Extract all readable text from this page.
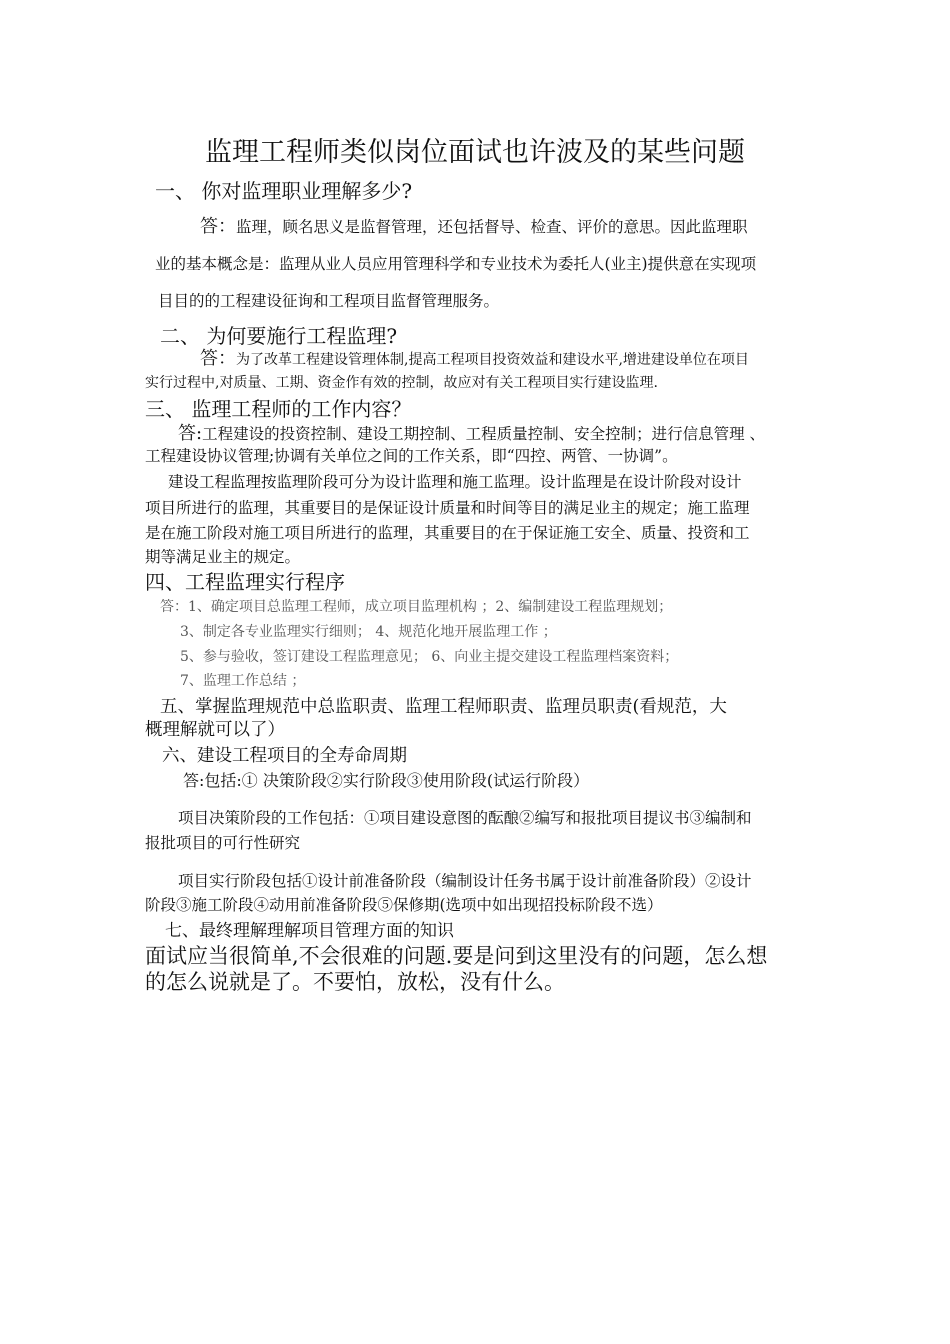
监理工程师类似岗位面试也许波及的某些问题

一、 你对监理职业理解多少?

答：监理，顾名思义是监督管理，还包括督导、检查、评价的意思。因此监理职

业的基本概念是：监理从业人员应用管理科学和专业技术为委托人(业主)提供意在实现项

目目的的工程建设征询和工程项目监督管理服务。

二、 为何要施行工程监理?

答：为了改革工程建设管理体制,提高工程项目投资效益和建设水平,增进建设单位在项目

实行过程中,对质量、工期、资金作有效的控制，故应对有关工程项目实行建设监理.

三、 监理工程师的工作内容？

答:工程建设的投资控制、建设工期控制、工程质量控制、安全控制；进行信息管理 、

工程建设协议管理;协调有关单位之间的工作关系，即“四控、两管、一协调”。

建设工程监理按监理阶段可分为设计监理和施工监理。设计监理是在设计阶段对设计

项目所进行的监理，其重要目的是保证设计质量和时间等目的满足业主的规定；施工监理

是在施工阶段对施工项目所进行的监理，其重要目的在于保证施工安全、质量、投资和工

期等满足业主的规定。

四、工程监理实行程序

答：1、确定项目总监理工程师，成立项目监理机构 ；2、编制建设工程监理规划；

3、制定各专业监理实行细则； 4、规范化地开展监理工作 ；

5、参与验收，签订建设工程监理意见； 6、向业主提交建设工程监理档案资料；

7、监理工作总结 ；

五、掌握监理规范中总监职责、监理工程师职责、监理员职责(看规范，大

概理解就可以了）

六、建设工程项目的全寿命周期

答:包括:① 决策阶段②实行阶段③使用阶段(试运行阶段）

项目决策阶段的工作包括：①项目建设意图的酝酿②编写和报批项目提议书③编制和

报批项目的可行性研究

项目实行阶段包括①设计前准备阶段（编制设计任务书属于设计前准备阶段）②设计

阶段③施工阶段④动用前准备阶段⑤保修期(选项中如出现招投标阶段不选）

七、最终理解理解项目管理方面的知识

面试应当很简单,不会很难的问题.要是问到这里没有的问题，怎么想

的怎么说就是了。不要怕，放松，没有什么。
